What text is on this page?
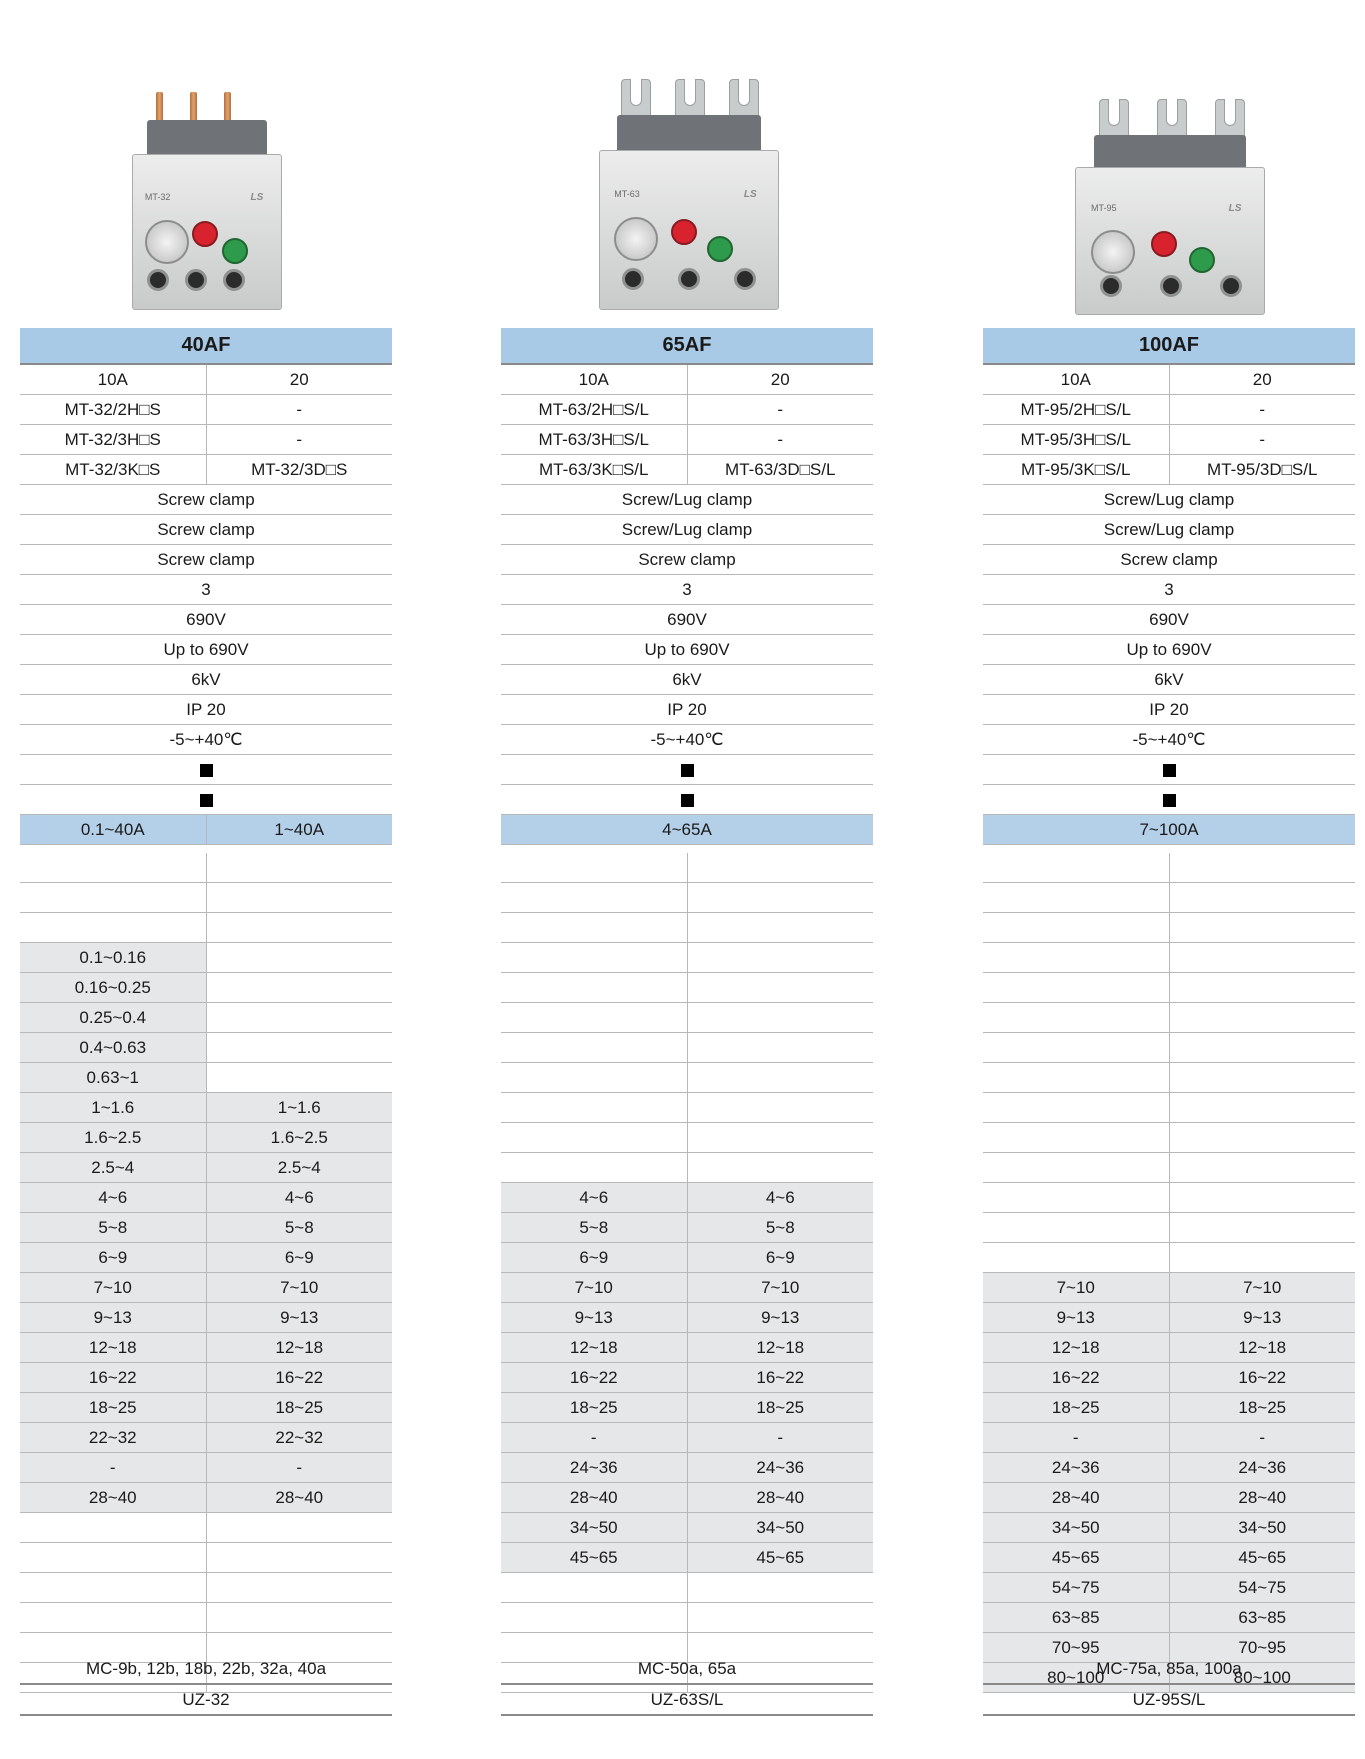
MT-32	LS
40AF
10A	20
MT-32/2H□S	-
MT-32/3H□S	-
MT-32/3K□S	MT-32/3D□S
Screw clamp	
Screw clamp	
Screw clamp	
3	
690V	
Up to 690V	
6kV	
IP 20	
-5~+40℃	

0.1~40A	1~40A

0.1~0.16	
0.16~0.25	
0.25~0.4	
0.4~0.63	
0.63~1	
1~1.6	1~1.6
1.6~2.5	1.6~2.5
2.5~4	2.5~4
4~6	4~6
5~8	5~8
6~9	6~9
7~10	7~10
9~13	9~13
12~18	12~18
16~22	16~22
18~25	18~25
22~32	22~32
-	-
28~40	28~40

MC-9b, 12b, 18b, 22b, 32a, 40a
UZ-32
MT-63	LS
65AF
10A	20
MT-63/2H□S/L	-
MT-63/3H□S/L	-
MT-63/3K□S/L	MT-63/3D□S/L
Screw/Lug clamp	
Screw/Lug clamp	
Screw clamp	
3	
690V	
Up to 690V	
6kV	
IP 20	
-5~+40℃	

4~65A	

4~6	4~6
5~8	5~8
6~9	6~9
7~10	7~10
9~13	9~13
12~18	12~18
16~22	16~22
18~25	18~25
-	-
24~36	24~36
28~40	28~40
34~50	34~50
45~65	45~65

MC-50a, 65a
UZ-63S/L
MT-95	LS
100AF
10A	20
MT-95/2H□S/L	-
MT-95/3H□S/L	-
MT-95/3K□S/L	MT-95/3D□S/L
Screw/Lug clamp	
Screw/Lug clamp	
Screw clamp	
3	
690V	
Up to 690V	
6kV	
IP 20	
-5~+40℃	

7~100A	

7~10	7~10
9~13	9~13
12~18	12~18
16~22	16~22
18~25	18~25
-	-
24~36	24~36
28~40	28~40
34~50	34~50
45~65	45~65
54~75	54~75
63~85	63~85
70~95	70~95
80~100	80~100
MC-75a, 85a, 100a
UZ-95S/L
